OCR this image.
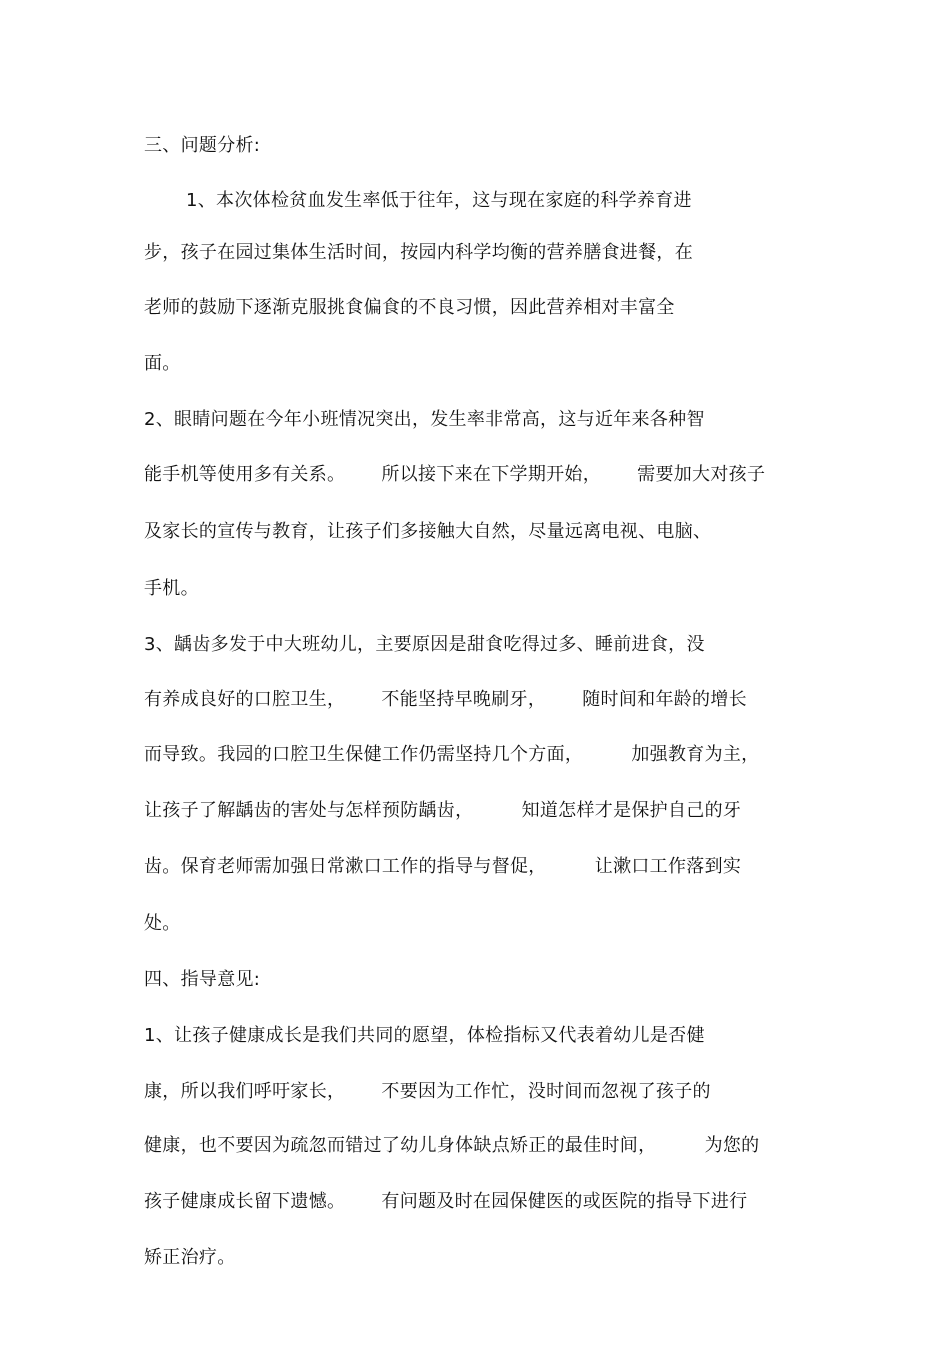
三、问题分析:
1、本次体检贫血发生率低于往年，这与现在家庭的科学养育进
步，孩子在园过集体生活时间，按园内科学均衡的营养膳食进餐，在
老师的鼓励下逐渐克服挑食偏食的不良习惯，因此营养相对丰富全
面。
2、眼睛问题在今年小班情况突出，发生率非常高，这与近年来各种智
能手机等使用多有关系。      所以接下来在下学期开始，      需要加大对孩子
及家长的宣传与教育，让孩子们多接触大自然，尽量远离电视、电脑、
手机。
3、龋齿多发于中大班幼儿，主要原因是甜食吃得过多、睡前进食，没
有养成良好的口腔卫生，      不能坚持早晚刷牙，      随时间和年龄的增长
而导致。我园的口腔卫生保健工作仍需坚持几个方面，        加强教育为主，
让孩子了解龋齿的害处与怎样预防龋齿，        知道怎样才是保护自己的牙
齿。保育老师需加强日常漱口工作的指导与督促，        让漱口工作落到实
处。
四、指导意见:
1、让孩子健康成长是我们共同的愿望，体检指标又代表着幼儿是否健
康，所以我们呼吁家长，      不要因为工作忙，没时间而忽视了孩子的
健康，也不要因为疏忽而错过了幼儿身体缺点矫正的最佳时间，        为您的
孩子健康成长留下遗憾。      有问题及时在园保健医的或医院的指导下进行
矫正治疗。
